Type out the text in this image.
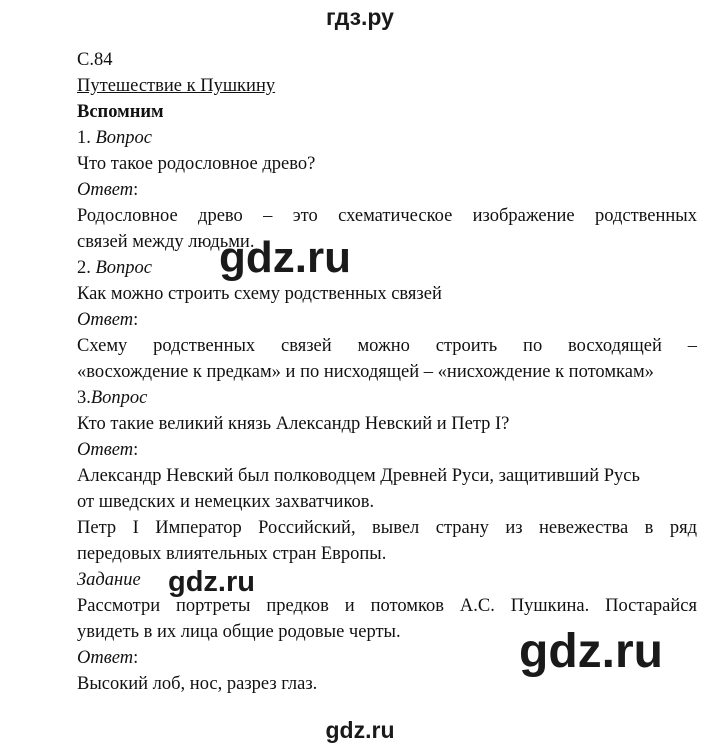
гдз.ру
С.84
Путешествие к Пушкину
Вспомним
1. Вопрос
Что такое родословное древо?
Ответ:
Родословное древо – это схематическое изображение родственных
связей между людьми.
2. Вопрос
Как можно строить схему родственных связей
Ответ:
Схему родственных связей можно строить по восходящей –
«восхождение к предкам» и по нисходящей – «нисхождение к потомкам»
3.Вопрос
Кто такие великий князь Александр Невский и Петр I?
Ответ:
Александр Невский был полководцем Древней Руси, защитивший Русь
от шведских и немецких захватчиков.
Петр I Император Российский, вывел страну из невежества в ряд
передовых влиятельных стран Европы.
Задание
Рассмотри портреты предков и потомков А.С. Пушкина. Постарайся
увидеть в их лица общие родовые черты.
Ответ:
Высокий лоб, нос, разрез глаз.
gdz.ru
gdz.ru
gdz.ru
gdz.ru
